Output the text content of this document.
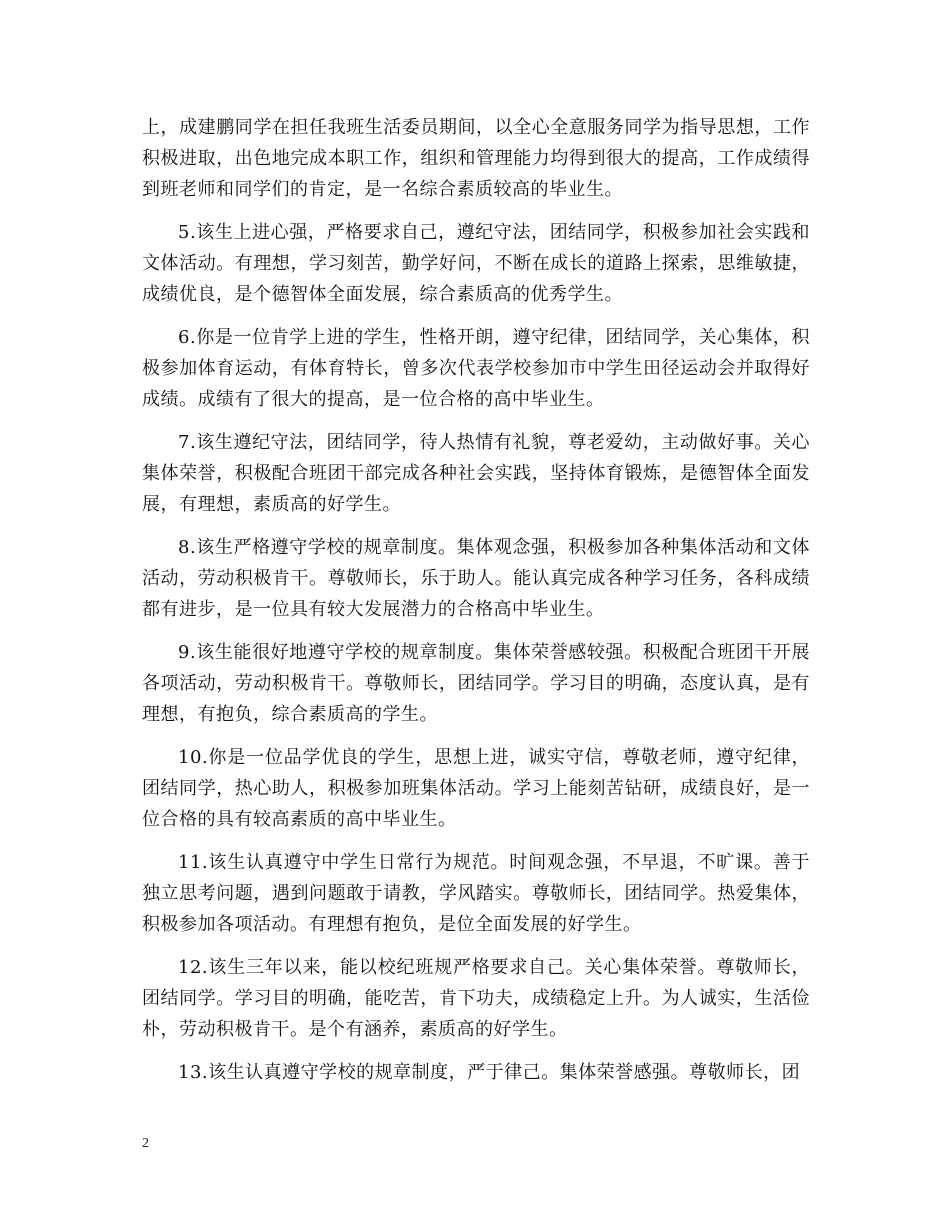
上，成建鹏同学在担任我班生活委员期间，以全心全意服务同学为指导思想，工作积极进取，出色地完成本职工作，组织和管理能力均得到很大的提高，工作成绩得到班老师和同学们的肯定，是一名综合素质较高的毕业生。

5.该生上进心强，严格要求自己，遵纪守法，团结同学，积极参加社会实践和文体活动。有理想，学习刻苦，勤学好问，不断在成长的道路上探索，思维敏捷，成绩优良，是个德智体全面发展，综合素质高的优秀学生。

6.你是一位肯学上进的学生，性格开朗，遵守纪律，团结同学，关心集体，积极参加体育运动，有体育特长，曾多次代表学校参加市中学生田径运动会并取得好成绩。成绩有了很大的提高，是一位合格的高中毕业生。

7.该生遵纪守法，团结同学，待人热情有礼貌，尊老爱幼，主动做好事。关心集体荣誉，积极配合班团干部完成各种社会实践，坚持体育锻炼，是德智体全面发展，有理想，素质高的好学生。

8.该生严格遵守学校的规章制度。集体观念强，积极参加各种集体活动和文体活动，劳动积极肯干。尊敬师长，乐于助人。能认真完成各种学习任务，各科成绩都有进步，是一位具有较大发展潜力的合格高中毕业生。

9.该生能很好地遵守学校的规章制度。集体荣誉感较强。积极配合班团干开展各项活动，劳动积极肯干。尊敬师长，团结同学。学习目的明确，态度认真，是有理想，有抱负，综合素质高的学生。

10.你是一位品学优良的学生，思想上进，诚实守信，尊敬老师，遵守纪律，团结同学，热心助人，积极参加班集体活动。学习上能刻苦钻研，成绩良好，是一位合格的具有较高素质的高中毕业生。

11.该生认真遵守中学生日常行为规范。时间观念强，不早退，不旷课。善于独立思考问题，遇到问题敢于请教，学风踏实。尊敬师长，团结同学。热爱集体，积极参加各项活动。有理想有抱负，是位全面发展的好学生。

12.该生三年以来，能以校纪班规严格要求自己。关心集体荣誉。尊敬师长，团结同学。学习目的明确，能吃苦，肯下功夫，成绩稳定上升。为人诚实，生活俭朴，劳动积极肯干。是个有涵养，素质高的好学生。

13.该生认真遵守学校的规章制度，严于律己。集体荣誉感强。尊敬师长，团

2
